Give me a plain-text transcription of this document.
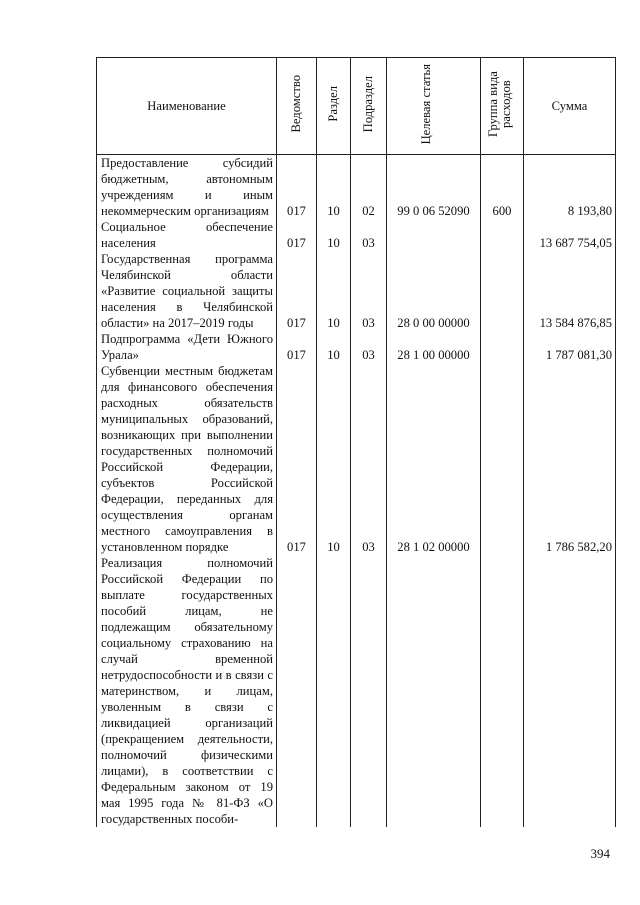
Наименование	Ведомство	Раздел	Подраздел	Целевая статья	Группа вида расходов	Сумма
Предоставление субсидий бюджетным, автономным учреждениям и иным некоммерческим организациям	017	10	02	99 0 06 52090	600	8 193,80
Социальное обеспечение населения	017	10	03			13 687 754,05
Государственная программа Челябинской области «Развитие социальной защиты населения в Челябинской области» на 2017–2019 годы	017	10	03	28 0 00 00000		13 584 876,85
Подпрограмма «Дети Южного Урала»	017	10	03	28 1 00 00000		1 787 081,30
Субвенции местным бюджетам для финансового обеспечения расходных обязательств муниципальных образований, возникающих при выполнении государственных полномочий Российской Федерации, субъектов Российской Федерации, переданных для осуществления органам местного самоуправления в установленном порядке	017	10	03	28 1 02 00000		1 786 582,20
Реализация полномочий Российской Федерации по выплате государственных пособий лицам, не подлежащим обязательному социальному страхованию на случай временной нетрудоспособности и в связи с материнством, и лицам, уволенным в связи с ликвидацией организаций (прекращением деятельности, полномочий физическими лицами), в соответствии с Федеральным законом от 19 мая 1995 года № 81-ФЗ «О государственных пособи-						
394
